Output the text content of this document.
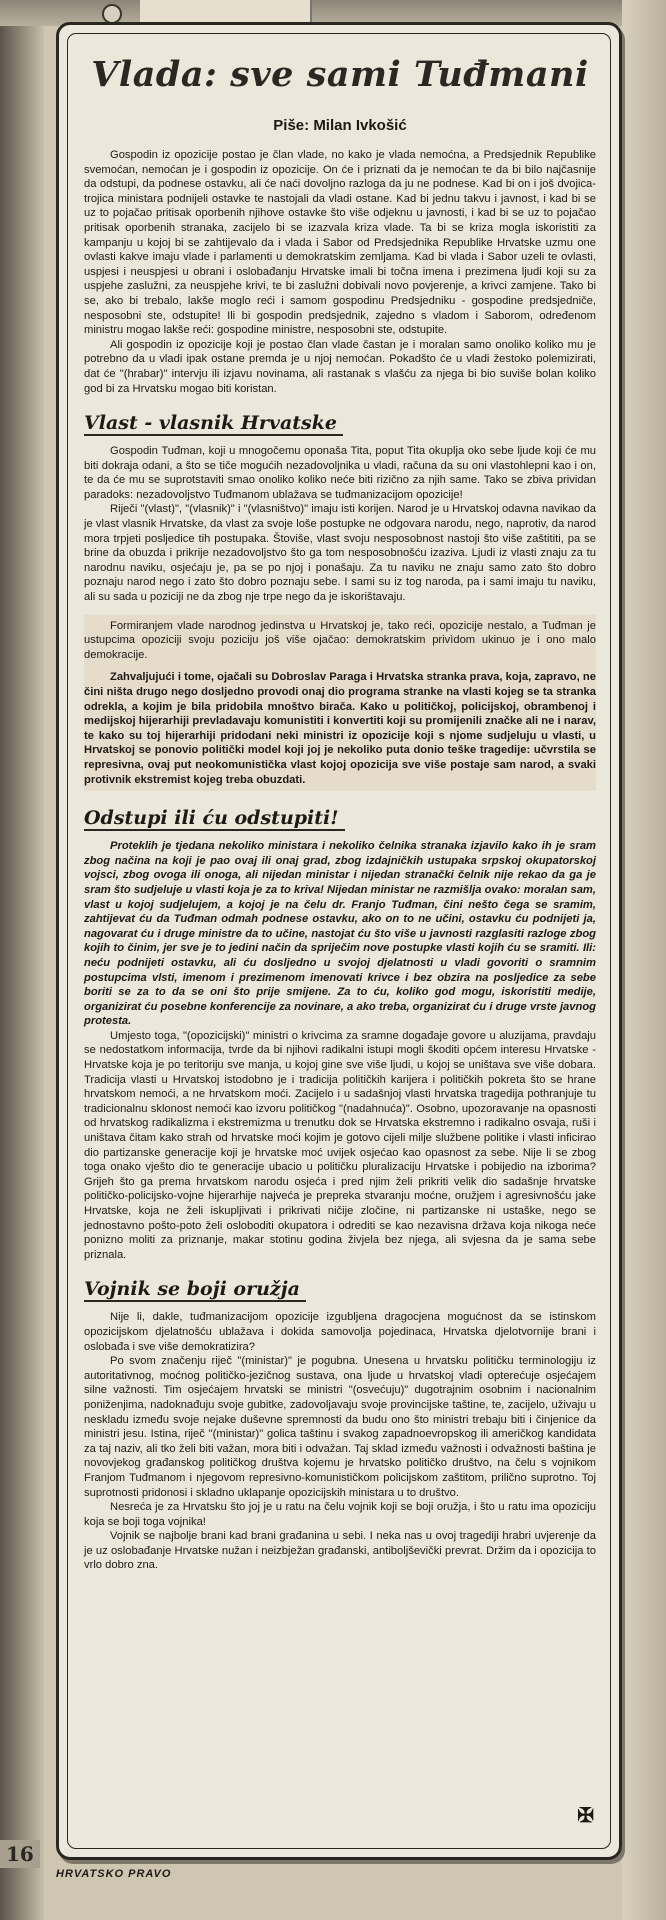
Vlada: sve sami Tuđmani
Piše: Milan Ivkošić

Gospodin iz opozicije postao je član vlade, no kako je vlada nemoćna, a Predsjednik Republike svemoćan, nemoćan je i gospodin iz opozicije. On će i priznati da je nemoćan te da bi bilo najčasnije da odstupi, da podnese ostavku, ali će naći dovoljno razloga da ju ne podnese. Kad bi on i još dvojica-trojica ministara podnijeli ostavke te nastojali da vladi ostane. Kad bi jednu takvu i javnost, i kad bi se uz to pojačao pritisak oporbenih njihove ostavke što više odjeknu u javnosti, i kad bi se uz to pojačao pritisak oporbenih stranaka, zacijelo bi se izazvala kriza vlade. Ta bi se kriza mogla iskoristiti za kampanju u kojoj bi se zahtijevalo da i vlada i Sabor od Predsjednika Republike Hrvatske uzmu one ovlasti kakve imaju vlade i parlamenti u demokratskim zemljama. Kad bi vlada i Sabor uzeli te ovlasti, uspjesi i neuspjesi u obrani i oslobađanju Hrvatske imali bi točna imena i prezimena ljudi koji su za uspjehe zaslužni, za neuspjehe krivi, te bi zaslužni dobivali novo povjerenje, a krivci zamjene. Tako bi se, ako bi trebalo, lakše moglo reći i samom gospodinu Predsjedniku - gospodine predsjedniče, nesposobni ste, odstupite! Ili bi gospodin predsjednik, zajedno s vladom i Saborom, određenom ministru mogao lakše reći: gospodine ministre, nesposobni ste, odstupite.

Ali gospodin iz opozicije koji je postao član vlade častan je i moralan samo onoliko koliko mu je potrebno da u vladi ipak ostane premda je u njoj nemoćan. Pokadšto će u vladi žestoko polemizirati, dat će "(hrabar)" intervju ili izjavu novinama, ali rastanak s vlašću za njega bi bio suviše bolan koliko god bi za Hrvatsku mogao biti koristan.

Vlast - vlasnik Hrvatske

Gospodin Tuđman, koji u mnogočemu oponaša Tita, poput Tita okuplja oko sebe ljude koji će mu biti dokraja odani, a što se tiče mogućih nezadovoljnika u vladi, računa da su oni vlastohlepni kao i on, te da će mu se suprotstaviti smao onoliko koliko neće biti rizično za njih same. Tako se zbiva prividan paradoks: nezadovoljstvo Tuđmanom ublažava se tuđmanizacijom opozicije!

Riječi "(vlast)", "(vlasnik)" i "(vlasništvo)" imaju isti korijen. Narod je u Hrvatskoj odavna navikao da je vlast vlasnik Hrvatske, da vlast za svoje loše postupke ne odgovara narodu, nego, naprotiv, da narod mora trpjeti posljedice tih postupaka. Štoviše, vlast svoju nesposobnost nastoji što više zaštititi, pa se brine da obuzda i prikrije nezadovoljstvo što ga tom nesposobnošću izaziva. Ljudi iz vlasti znaju za tu narodnu naviku, osjećaju je, pa se po njoj i ponašaju. Za tu naviku ne znaju samo zato što dobro poznaju narod nego i zato što dobro poznaju sebe. I sami su iz tog naroda, pa i sami imaju tu naviku, ali su sada u poziciji ne da zbog nje trpe nego da je iskorištavaju.

Formiranjem vlade narodnog jedinstva u Hrvatskoj je, tako reći, opozicije nestalo, a Tuđman je ustupcima opoziciji svoju poziciju još više ojačao: demokratskim privìdom ukinuo je i ono malo demokracije.

Zahvaljujući i tome, ojačali su Dobroslav Paraga i Hrvatska stranka prava, koja, zapravo, ne čini ništa drugo nego dosljedno provodi onaj dio programa stranke na vlasti kojeg se ta stranka odrekla, a kojim je bila pridobila mnoštvo birača. Kako u političkoj, policijskoj, obrambenoj i medijskoj hijerarhiji prevladavaju komunistiti i konvertiti koji su promijenili značke ali ne i narav, te kako su toj hijerarhiji pridodani neki ministri iz opozicije koji s njome sudjeluju u vlasti, u Hrvatskoj se ponovio politički model koji joj je nekoliko puta donio teške tragedije: učvrstila se represivna, ovaj put neokomunistička vlast kojoj opozicija sve više postaje sam narod, a svaki protivnik ekstremist kojeg treba obuzdati.

Odstupi ili ću odstupiti!

Proteklih je tjedana nekoliko ministara i nekoliko čelnika stranaka izjavilo kako ih je sram zbog načina na koji je pao ovaj ili onaj grad, zbog izdajničkih ustupaka srpskoj okupatorskoj vojsci, zbog ovoga ili onoga, ali nijedan ministar i nijedan stranački čelnik nije rekao da ga je sram što sudjeluje u vlasti koja je za to kriva! Nijedan ministar ne razmišlja ovako: moralan sam, vlast u kojoj sudjelujem, a kojoj je na čelu dr. Franjo Tuđman, čini nešto čega se sramim, zahtijevat ću da Tuđman odmah podnese ostavku, ako on to ne učini, ostavku ću podnijeti ja, nagovarat ću i druge ministre da to učine, nastojat ću što više u javnosti razglasiti razloge zbog kojih to činim, jer sve je to jedini način da spriječim nove postupke vlasti kojih ću se sramiti. Ili: neću podnijeti ostavku, ali ću dosljedno u svojoj djelatnosti u vladi govoriti o sramnim postupcima vlsti, imenom i prezimenom imenovati krivce i bez obzira na posljedice za sebe boriti se za to da se oni što prije smijene. Za to ću, koliko god mogu, iskoristiti medije, organizirat ću posebne konferencije za novinare, a ako treba, organizirat ću i druge vrste javnog protesta.

Umjesto toga, "(opozicijski)" ministri o krivcima za sramne događaje govore u aluzijama, pravdaju se nedostatkom informacija, tvrde da bi njihovi radikalni istupi mogli škoditi općem interesu Hrvatske - Hrvatske koja je po teritoriju sve manja, u kojoj gine sve više ljudi, u kojoj se uništava sve više dobara. Tradicija vlasti u Hrvatskoj istodobno je i tradicija političkih karijera i političkih pokreta što se hrane hrvatskom nemoći, a ne hrvatskom moći. Zacijelo i u sadašnjoj vlasti hrvatska tragedija pothranjuje tu tradicionalnu sklonost nemoći kao izvoru političkog "(nadahnuća)". Osobno, upozoravanje na opasnosti od hrvatskog radikalizma i ekstremizma u trenutku dok se Hrvatska ekstremno i radikalno osvaja, ruši i uništava čitam kako strah od hrvatske moći kojim je gotovo cijeli milje službene politike i vlasti inficirao dio partizanske generacije koji je hrvatske moć uvijek osjećao kao opasnost za sebe. Nije li se zbog toga onako vješto dio te generacije ubacio u političku pluralizaciju Hrvatske i pobijedio na izborima? Grijeh što ga prema hrvatskom narodu osjeća i pred njim želi prikriti velik dio sadašnje hrvatske političko-policijsko-vojne hijerarhije najveća je prepreka stvaranju moćne, oružjem i agresivnošću jake Hrvatske, koja ne želi iskupljivati i prikrivati ničije zločine, ni partizanske ni ustaške, nego se jednostavno pošto-poto želi osloboditi okupatora i odrediti se kao nezavisna država koja nikoga neće ponizno moliti za priznanje, makar stotinu godina živjela bez njega, ali svjesna da je sama sebe priznala.

Vojnik se boji oružja

Nije li, dakle, tuđmanizacijom opozicije izgubljena dragocjena mogućnost da se istinskom opozicijskom djelatnošću ublažava i dokida samovolja pojedinaca, Hrvatska djelotvornije brani i oslobađa i sve više demokratizira?

Po svom značenju riječ "(ministar)" je pogubna. Unesena u hrvatsku političku terminologiju iz autoritativnog, moćnog političko-jezičnog sustava, ona ljude u hrvatskoj vladi opterećuje osjećajem silne važnosti. Tim osjećajem hrvatski se ministri "(osvećuju)" dugotrajnim osobnim i nacionalnim poniženjima, nadoknađuju svoje gubitke, zadovoljavaju svoje provincijske taštine, te, zacijelo, uživaju u neskladu između svoje nejake duševne spremnosti da budu ono što ministri trebaju biti i činjenice da ministri jesu. Istina, riječ "(ministar)" golica taštinu i svakog zapadnoevropskog ili američkog kandidata za taj naziv, ali tko želi biti važan, mora biti i odvažan. Taj sklad između važnosti i odvažnosti baština je novovjekog građanskog političkog društva kojemu je hrvatsko političko društvo, na čelu s vojnikom Franjom Tuđmanom i njegovom represivno-komunističkom policijskom zaštitom, prilično suprotno. Toj suprotnosti pridonosi i skladno uklapanje opozicijskih ministara u to društvo.

Nesreća je za Hrvatsku što joj je u ratu na čelu vojnik koji se boji oružja, i što u ratu ima opoziciju koja se boji toga vojnika!

Vojnik se najbolje brani kad brani građanina u sebi. I neka nas u ovoj tragediji hrabri uvjerenje da je uz oslobađanje Hrvatske nužan i neizbježan građanski, antiboljševički prevrat. Držim da i opozicija to vrlo dobro zna.

✠
16
HRVATSKO PRAVO
